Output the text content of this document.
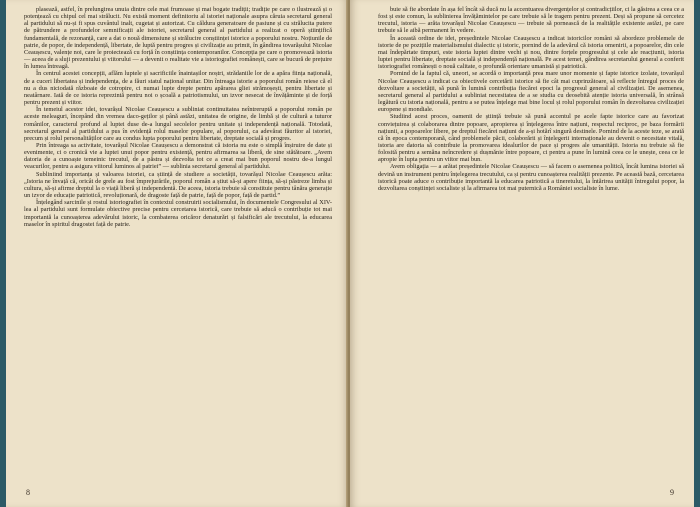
plasează, astfel, în prelungirea unuia dintre cele mai frumoase și mai bogate tradiții; tradiție pe care o ilustrează și o potențează cu chipul cel mai strălucit. Nu există moment definitoriu al istoriei naționale asupra căruia secretarul general al partidului să nu-și fi spus cuvântul inalt, cugetat și autorizat. Cu căldura generatoare de pasiune și cu strălucita putere de pătrundere a profundelor semnificații ale istoriei, secretarul general al partidului a realizat o operă științifică fundamentală, de rezonanță, care a dat o nouă dimensiune și strălucire conștiinței istorice a poporului nostru. Noțiunile de patrie, de popor, de independență, libertate, de luptă pentru progres și civilizație au primit, în gândirea tovarășului Nicolae Ceaușescu, valențe noi, care le proiectează cu forță în conștiința contemporanilor. Concepția pe care o promovează istoria — aceea de a sluji prezentului și viitorului — a devenit o realitate vie a istoriografiei românești, care se bucură de prețuire în lumea întreagă.

În centrul acestei concepții, aflăm luptele și sacrificiile înaintașilor noștri, strădaniile lor de a apăra ființa națională, de a cuceri libertatea și independența, de a făuri statul național unitar. Din întreaga istorie a poporului român reiese că el nu a dus niciodată războaie de cotropire, ci numai lupte drepte pentru apărarea gliei strămoșești, pentru libertate și neatârnare. Iată de ce istoria reprezintă pentru noi o școală a patriotismului, un izvor nesecat de învățăminte și de forță pentru prezent și viitor.

În temeiul acestor idei, tovarășul Nicolae Ceaușescu a subliniat continuitatea neîntreruptă a poporului român pe aceste meleaguri, începând din vremea daco-geților și până astăzi, unitatea de origine, de limbă și de cultură a tuturor românilor, caracterul profund al luptei duse de-a lungul secolelor pentru unitate și independență națională. Totodată, secretarul general al partidului a pus în evidență rolul maselor populare, al poporului, ca adevărat făuritor al istoriei, precum și rolul personalităților care au condus lupta poporului pentru libertate, dreptate socială și progres.

Prin întreaga sa activitate, tovarășul Nicolae Ceaușescu a demonstrat că istoria nu este o simplă înșiruire de date și evenimente, ci o cronică vie a luptei unui popor pentru existență, pentru afirmarea sa liberă, de sine stătătoare. „Avem datoria de a cunoaște temeinic trecutul, de a păstra și dezvolta tot ce a creat mai bun poporul nostru de-a lungul veacurilor, pentru a asigura viitorul luminos al patriei” — sublinia secretarul general al partidului.

Subliniind importanța și valoarea istoriei, ca știință de studiere a societății, tovarășul Nicolae Ceaușescu arăta: „Istoria ne învață că, oricât de grele au fost împrejurările, poporul român a știut să-și apere ființa, să-și păstreze limba și cultura, să-și afirme dreptul la o viață liberă și independentă. De aceea, istoria trebuie să constituie pentru tânăra generație un izvor de educație patriotică, revoluționară, de dragoste față de patrie, față de popor, față de partid.”

Înțelegând sarcinile și rostul istoriografiei în contextul construirii socialismului, în documentele Congresului al XIV-lea al partidului sunt formulate obiective precise pentru cercetarea istorică, care trebuie să aducă o contribuție tot mai importantă la cunoașterea adevărului istoric, la combaterea oricăror denaturări și falsificări ale trecutului, la educarea maselor în spiritul dragostei față de patrie.

8

buie să fie abordate în așa fel încât să ducă nu la accentuarea divergențelor și contradicțiilor, ci la găsirea a ceea ce a fost și este comun, la sublinierea învățămintelor pe care trebuie să le tragem pentru prezent. Deși să propune să cercetez trecutul, istoria — arăta tovarășul Nicolae Ceaușescu — trebuie să pornească de la realitățile existente astăzi, pe care trebuie să le aibă permanent în vedere.

În această ordine de idei, președintele Nicolae Ceaușescu a indicat istoricilor români să abordeze problemele de istorie de pe pozițiile materialismului dialectic și istoric, pornind de la adevărul că istoria omenirii, a popoarelor, din cele mai îndepărtate timpuri, este istoria luptei dintre vechi și nou, dintre forțele progresului și cele ale reacțiunii, istoria luptei pentru libertate, dreptate socială și independență națională. Pe acest temei, gândirea secretarului general a conferit istoriografiei românești o nouă calitate, o profundă orientare umanistă și patriotică.

Pornind de la faptul că, uneori, se acordă o importanță prea mare unor momente și fapte istorice izolate, tovarășul Nicolae Ceaușescu a indicat ca obiectivele cercetării istorice să fie cât mai cuprinzătoare, să reflecte întregul proces de dezvoltare a societății, să pună în lumină contribuția fiecărei epoci la progresul general al civilizației. De asemenea, secretarul general al partidului a subliniat necesitatea de a se studia cu deosebită atenție istoria universală, în strânsă legătură cu istoria națională, pentru a se putea înțelege mai bine locul și rolul poporului român în dezvoltarea civilizației europene și mondiale.

Studiind acest proces, oamenii de știință trebuie să pună accentul pe acele fapte istorice care au favorizat conviețuirea și colaborarea dintre popoare, apropierea și înțelegerea între națiuni, respectul reciproc, pe baza formării națiunii, a popoarelor libere, pe dreptul fiecărei națiuni de a-și hotărî singură destinele. Pornind de la aceste teze, se arată că în epoca contemporană, când problemele păcii, colaborării și înțelegerii internaționale au devenit o necesitate vitală, istoria are datoria să contribuie la promovarea idealurilor de pace și progres ale umanității. Istoria nu trebuie să fie folosită pentru a semăna neîncredere și dușmănie între popoare, ci pentru a pune în lumină ceea ce le unește, ceea ce le apropie în lupta pentru un viitor mai bun.

Avem obligația — a arătat președintele Nicolae Ceaușescu — să facem o asemenea politică, încât lumina istoriei să devină un instrument pentru înțelegerea trecutului, ca și pentru cunoașterea realității prezente. Pe această bază, cercetarea istorică poate aduce o contribuție importantă la educarea patriotică a tineretului, la întărirea unității întregului popor, la dezvoltarea conștiinței socialiste și la afirmarea tot mai puternică a României socialiste în lume.

9
